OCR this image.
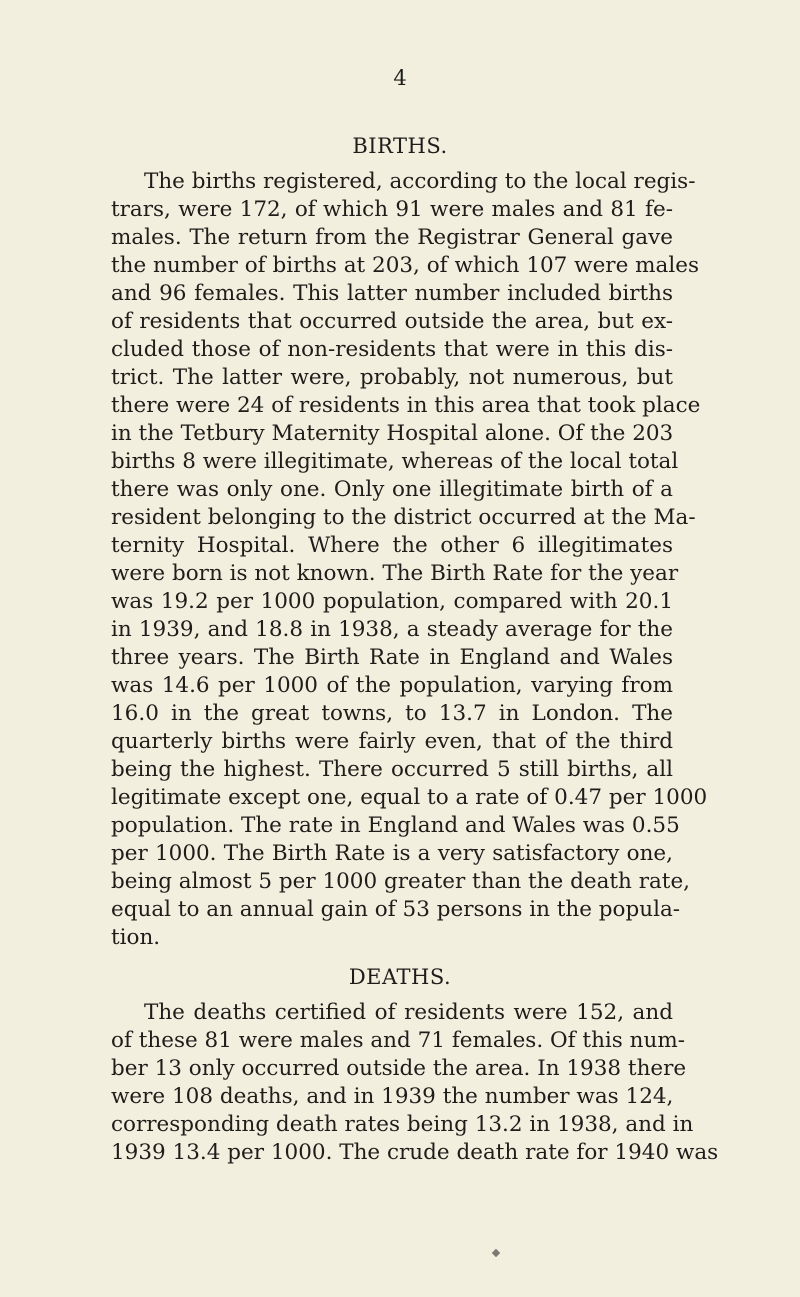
4
BIRTHS.
The births registered, according to the local regis-
trars, were 172, of which 91 were males and 81 fe-
males. The return from the Registrar General gave
the number of births at 203, of which 107 were males
and 96 females. This latter number included births
of residents that occurred outside the area, but ex-
cluded those of non-residents that were in this dis-
trict. The latter were, probably, not numerous, but
there were 24 of residents in this area that took place
in the Tetbury Maternity Hospital alone. Of the 203
births 8 were illegitimate, whereas of the local total
there was only one. Only one illegitimate birth of a
resident belonging to the district occurred at the Ma-
ternity Hospital. Where the other 6 illegitimates
were born is not known. The Birth Rate for the year
was 19.2 per 1000 population, compared with 20.1
in 1939, and 18.8 in 1938, a steady average for the
three years. The Birth Rate in England and Wales
was 14.6 per 1000 of the population, varying from
16.0 in the great towns, to 13.7 in London. The
quarterly births were fairly even, that of the third
being the highest. There occurred 5 still births, all
legitimate except one, equal to a rate of 0.47 per 1000
population. The rate in England and Wales was 0.55
per 1000. The Birth Rate is a very satisfactory one,
being almost 5 per 1000 greater than the death rate,
equal to an annual gain of 53 persons in the popula-
tion.
DEATHS.
The deaths certified of residents were 152, and
of these 81 were males and 71 females. Of this num-
ber 13 only occurred outside the area. In 1938 there
were 108 deaths, and in 1939 the number was 124,
corresponding death rates being 13.2 in 1938, and in
1939 13.4 per 1000. The crude death rate for 1940 was
